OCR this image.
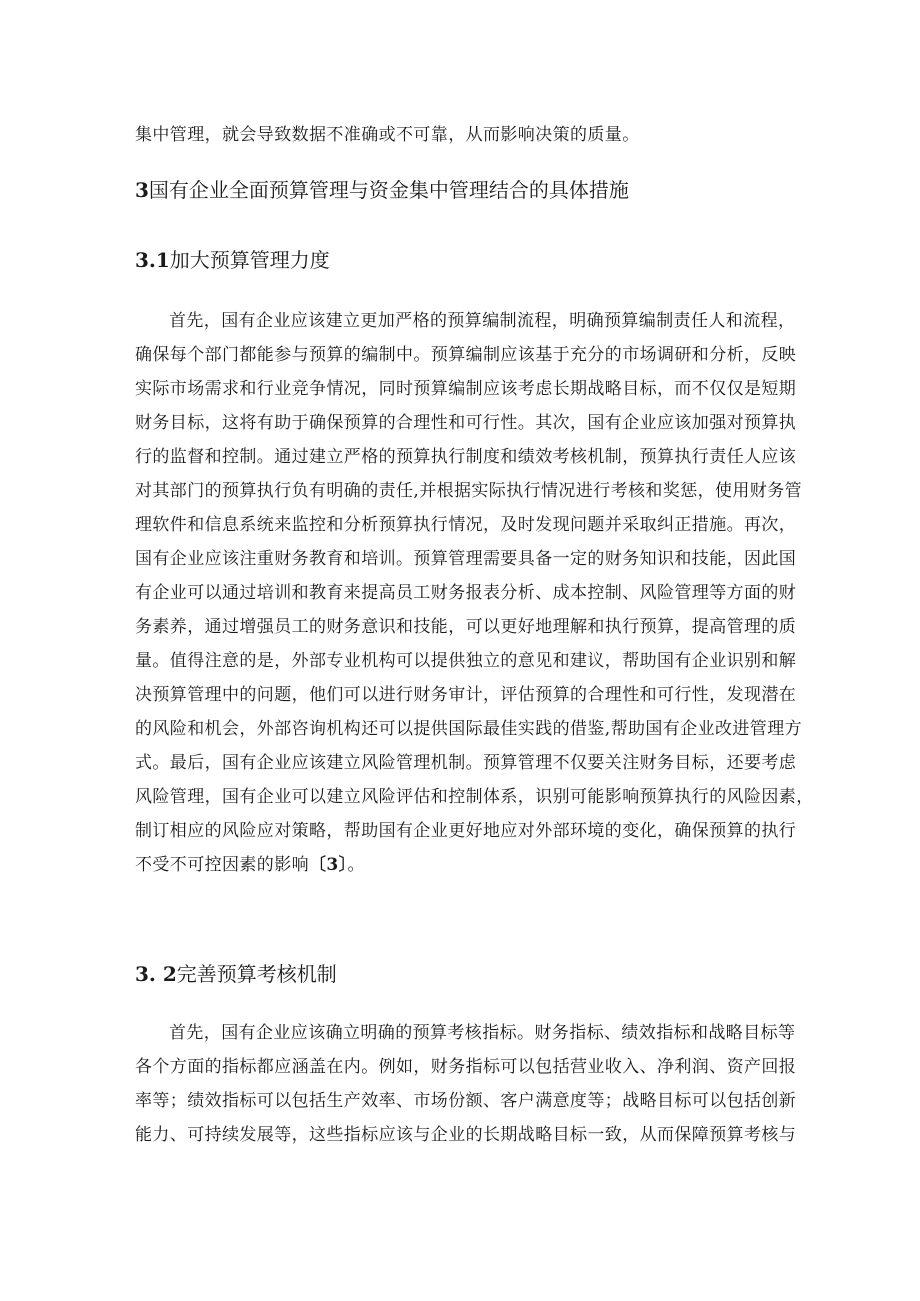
集中管理，就会导致数据不准确或不可靠，从而影响决策的质量。
3国有企业全面预算管理与资金集中管理结合的具体措施
3.1加大预算管理力度
首先，国有企业应该建立更加严格的预算编制流程，明确预算编制责任人和流程，
确保每个部门都能参与预算的编制中。预算编制应该基于充分的市场调研和分析，反映
实际市场需求和行业竞争情况，同时预算编制应该考虑长期战略目标，而不仅仅是短期
财务目标，这将有助于确保预算的合理性和可行性。其次，国有企业应该加强对预算执
行的监督和控制。通过建立严格的预算执行制度和绩效考核机制，预算执行责任人应该
对其部门的预算执行负有明确的责任,并根据实际执行情况进行考核和奖惩，使用财务管
理软件和信息系统来监控和分析预算执行情况，及时发现问题并采取纠正措施。再次，
国有企业应该注重财务教育和培训。预算管理需要具备一定的财务知识和技能，因此国
有企业可以通过培训和教育来提高员工财务报表分析、成本控制、风险管理等方面的财
务素养，通过增强员工的财务意识和技能，可以更好地理解和执行预算，提高管理的质
量。值得注意的是，外部专业机构可以提供独立的意见和建议，帮助国有企业识别和解
决预算管理中的问题，他们可以进行财务审计，评估预算的合理性和可行性，发现潜在
的风险和机会，外部咨询机构还可以提供国际最佳实践的借鉴,帮助国有企业改进管理方
式。最后，国有企业应该建立风险管理机制。预算管理不仅要关注财务目标，还要考虑
风险管理，国有企业可以建立风险评估和控制体系，识别可能影响预算执行的风险因素，
制订相应的风险应对策略，帮助国有企业更好地应对外部环境的变化，确保预算的执行
不受不可控因素的影响〔3〕。
3. 2完善预算考核机制
首先，国有企业应该确立明确的预算考核指标。财务指标、绩效指标和战略目标等
各个方面的指标都应涵盖在内。例如，财务指标可以包括营业收入、净利润、资产回报
率等；绩效指标可以包括生产效率、市场份额、客户满意度等；战略目标可以包括创新
能力、可持续发展等，这些指标应该与企业的长期战略目标一致，从而保障预算考核与
